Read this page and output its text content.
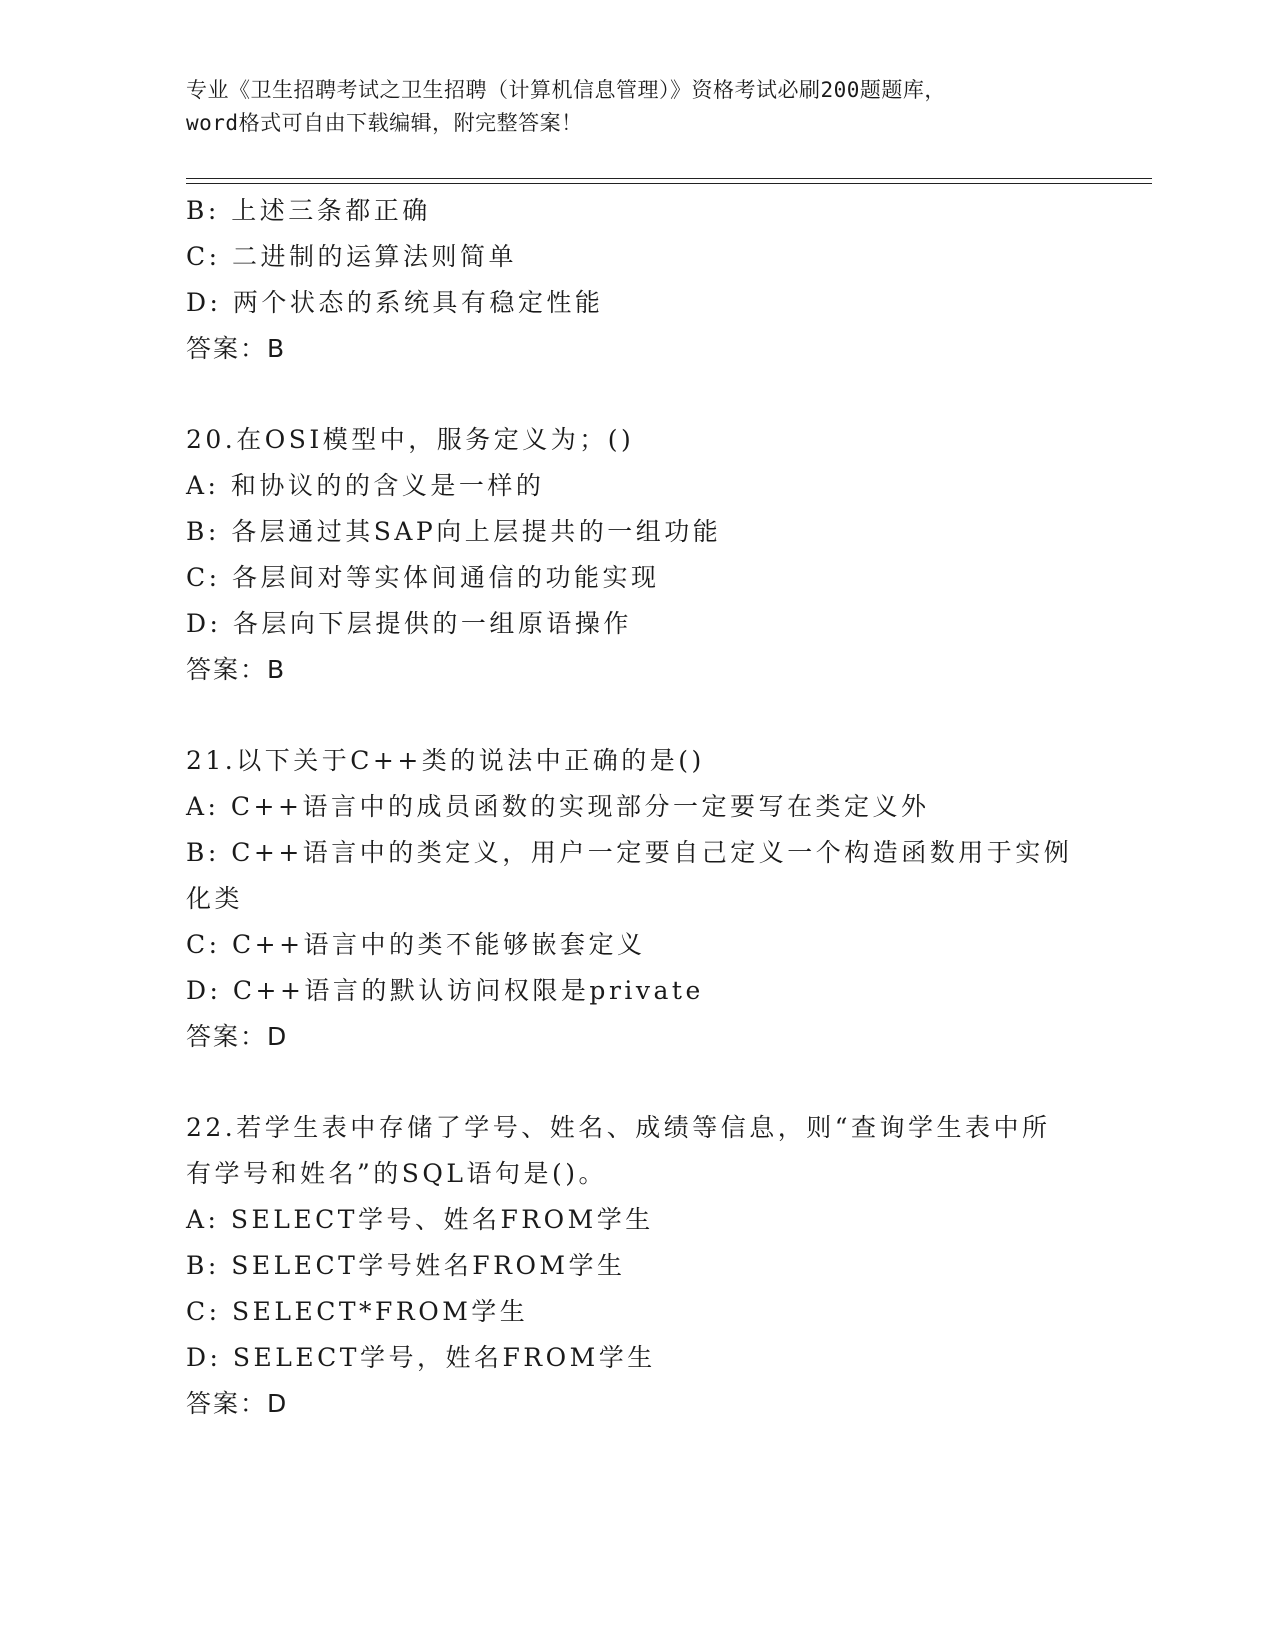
专业《卫生招聘考试之卫生招聘（计算机信息管理）》资格考试必刷200题题库，
word格式可自由下载编辑，附完整答案！
B: 上述三条都正确
C: 二进制的运算法则简单
D: 两个状态的系统具有稳定性能
答案：B
20.在OSI模型中，服务定义为；()
A: 和协议的的含义是一样的
B: 各层通过其SAP向上层提共的一组功能
C: 各层间对等实体间通信的功能实现
D: 各层向下层提供的一组原语操作
答案：B
21.以下关于C++类的说法中正确的是()
A: C++语言中的成员函数的实现部分一定要写在类定义外
B: C++语言中的类定义，用户一定要自己定义一个构造函数用于实例
化类
C: C++语言中的类不能够嵌套定义
D: C++语言的默认访问权限是private
答案：D
22.若学生表中存储了学号、姓名、成绩等信息，则“查询学生表中所
有学号和姓名”的SQL语句是()。
A: SELECT学号、姓名FROM学生
B: SELECT学号姓名FROM学生
C: SELECT*FROM学生
D: SELECT学号，姓名FROM学生
答案：D
